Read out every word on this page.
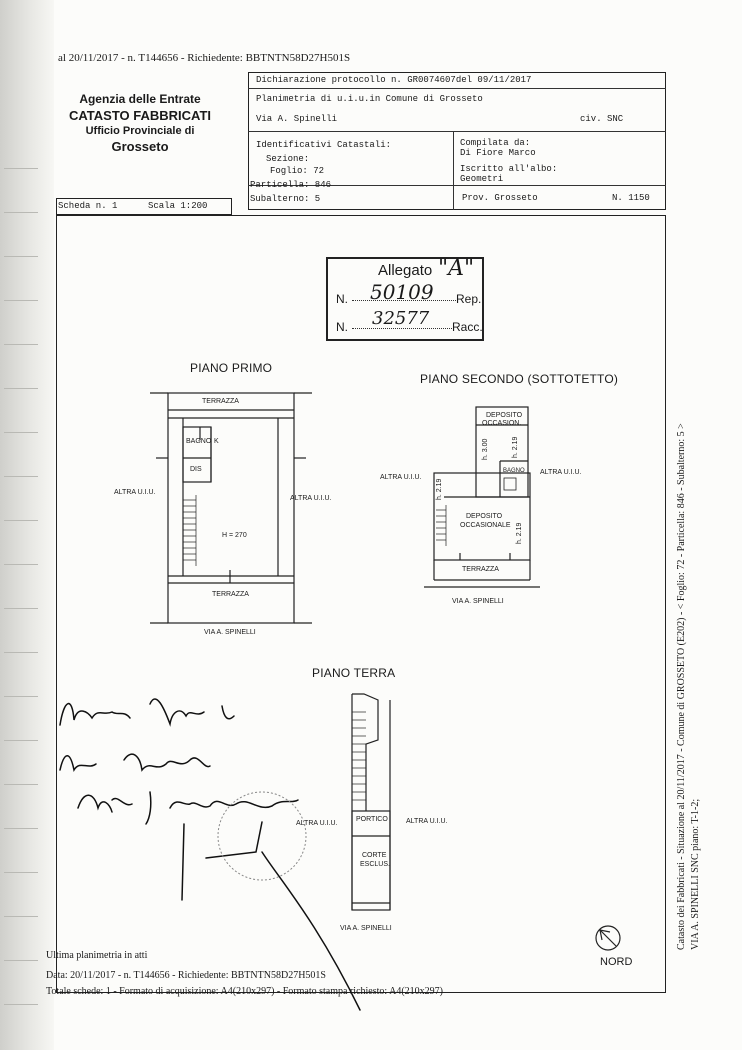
al 20/11/2017 - n. T144656 - Richiedente: BBTNTN58D27H501S
Agenzia delle Entrate
CATASTO FABBRICATI
Ufficio Provinciale di
Grosseto
Dichiarazione protocollo n. GR0074607del 09/11/2017
Planimetria di u.i.u.in Comune di Grosseto
Via A. Spinelli	civ. SNC
Identificativi Catastali:
Sezione:
Foglio: 72
Particella: 846
Subalterno: 5
Compilata da:
Di Fiore Marco
Iscritto all'albo:
Geometri
Prov. Grosseto	N. 1150
Scheda n. 1	Scala 1:200
Allegato "A"
N. 50109 Rep.
N. 32577 Racc.
PIANO PRIMO
PIANO SECONDO (SOTTOTETTO)
PIANO TERRA
TERRAZZA
BAGNO K
DIS
H = 270
TERRAZZA
ALTRA U.I.U.
ALTRA U.I.U.
VIA A. SPINELLI
DEPOSITO
OCCASION.
h. 3.00	h. 2.19
h. 2.19
h. 2.19
BAGNO
DEPOSITO
OCCASIONALE
TERRAZZA
ALTRA U.I.U.
ALTRA U.I.U.
VIA A. SPINELLI
PORTICO
CORTE
ESCLUS.
ALTRA U.I.U.	ALTRA U.I.U.
VIA A. SPINELLI
NORD
Ultima planimetria in atti
Data: 20/11/2017 - n. T144656 - Richiedente: BBTNTN58D27H501S
Totale schede: 1 - Formato di acquisizione: A4(210x297) - Formato stampa richiesto: A4(210x297)
Catasto dei Fabbricati - Situazione al 20/11/2017 - Comune di GROSSETO (E202) - < Foglio: 72 - Particella: 846 - Subalterno: 5 > VIA A. SPINELLI SNC piano: T-1-2;
